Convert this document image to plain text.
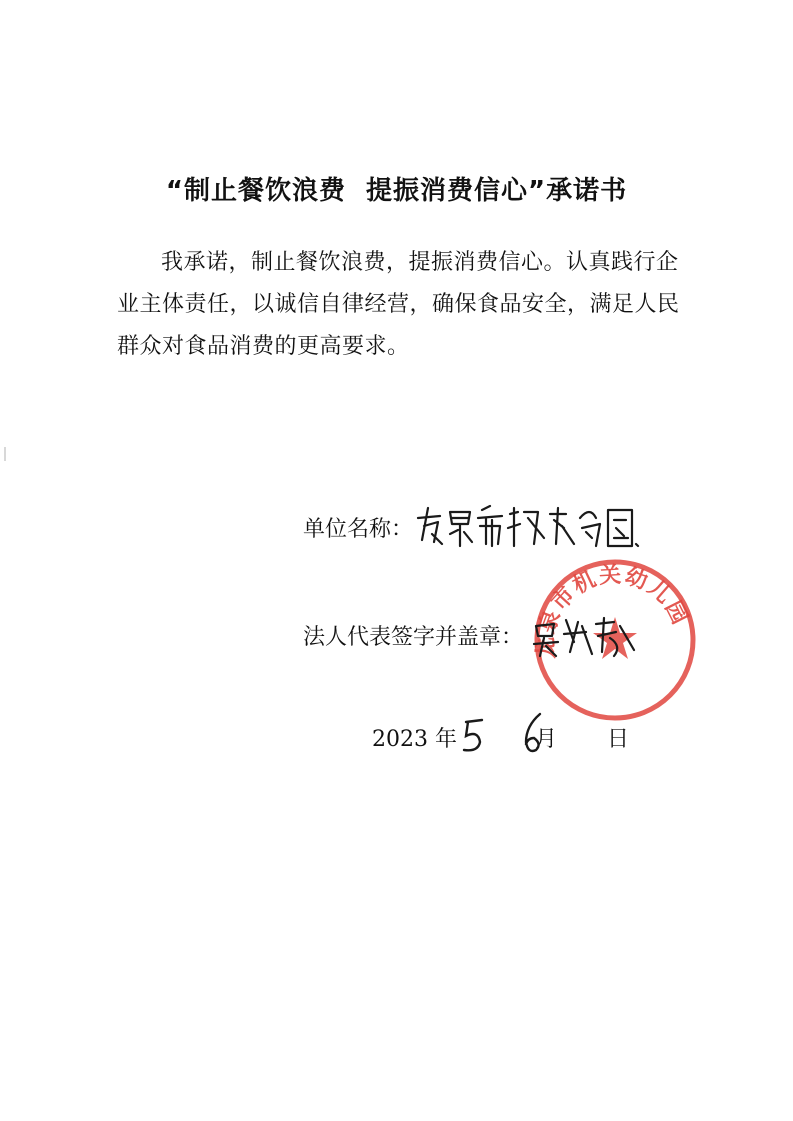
“制止餐饮浪费  提振消费信心”承诺书

我承诺，制止餐饮浪费，提振消费信心。认真践行企业主体责任，以诚信自律经营，确保食品安全，满足人民群众对食品消费的更高要求。

单位名称：
法人代表签字并盖章： 龙泉市机关幼儿园
2023 年	月 日
